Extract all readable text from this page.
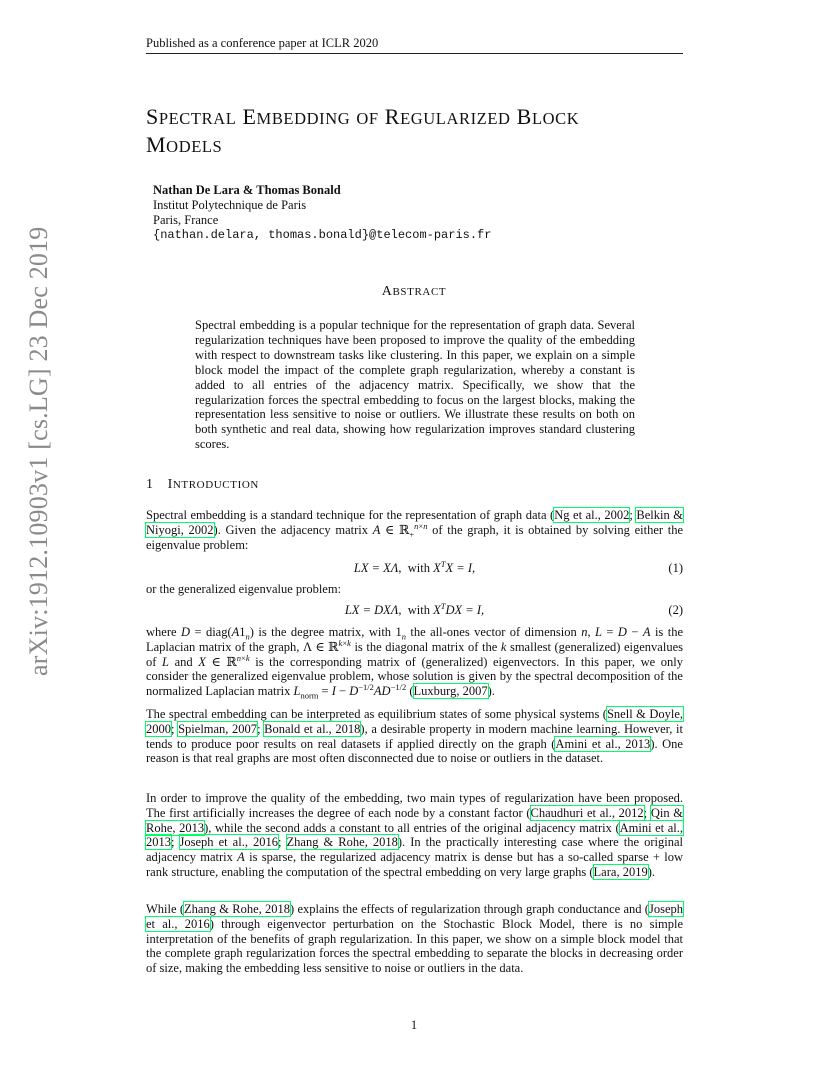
Published as a conference paper at ICLR 2020
arXiv:1912.10903v1 [cs.LG] 23 Dec 2019
SPECTRAL EMBEDDING OF REGULARIZED BLOCK
MODELS
Nathan De Lara & Thomas Bonald
Institut Polytechnique de Paris
Paris, France
{nathan.delara, thomas.bonald}@telecom-paris.fr
ABSTRACT
Spectral embedding is a popular technique for the representation of graph data. Several regularization techniques have been proposed to improve the quality of the embedding with respect to downstream tasks like clustering. In this paper, we explain on a simple block model the impact of the complete graph regularization, whereby a constant is added to all entries of the adjacency matrix. Specifically, we show that the regularization forces the spectral embedding to focus on the largest blocks, making the representation less sensitive to noise or outliers. We illustrate these results on both on both synthetic and real data, showing how regularization improves standard clustering scores.
1 INTRODUCTION
Spectral embedding is a standard technique for the representation of graph data (Ng et al., 2002; Belkin & Niyogi, 2002). Given the adjacency matrix A ∈ ℝ$_+^{n\times n}$ of the graph, it is obtained by solving either the eigenvalue problem:
LX = XΛ,  with $X^TX = I$,	(1)
or the generalized eigenvalue problem:
LX = DXΛ,  with $X^TDX = I$,	(2)
where $D = diag(A1_n)$ is the degree matrix, with $1_n$ the all-ones vector of dimension n, L = D − A is the Laplacian matrix of the graph, Λ ∈ ℝ$^{k\times k}$ is the diagonal matrix of the k smallest (generalized) eigenvalues of L and X ∈ ℝ$^{n\times k}$ is the corresponding matrix of (generalized) eigenvectors. In this paper, we only consider the generalized eigenvalue problem, whose solution is given by the spectral decomposition of the normalized Laplacian matrix $L_{norm} = I - D^{-1/2}AD^{-1/2}$ (Luxburg, 2007).
The spectral embedding can be interpreted as equilibrium states of some physical systems (Snell & Doyle, 2000; Spielman, 2007; Bonald et al., 2018), a desirable property in modern machine learning. However, it tends to produce poor results on real datasets if applied directly on the graph (Amini et al., 2013). One reason is that real graphs are most often disconnected due to noise or outliers in the dataset.
In order to improve the quality of the embedding, two main types of regularization have been proposed. The first artificially increases the degree of each node by a constant factor (Chaudhuri et al., 2012; Qin & Rohe, 2013), while the second adds a constant to all entries of the original adjacency matrix (Amini et al., 2013; Joseph et al., 2016; Zhang & Rohe, 2018). In the practically interesting case where the original adjacency matrix A is sparse, the regularized adjacency matrix is dense but has a so-called sparse + low rank structure, enabling the computation of the spectral embedding on very large graphs (Lara, 2019).
While (Zhang & Rohe, 2018) explains the effects of regularization through graph conductance and (Joseph et al., 2016) through eigenvector perturbation on the Stochastic Block Model, there is no simple interpretation of the benefits of graph regularization. In this paper, we show on a simple block model that the complete graph regularization forces the spectral embedding to separate the blocks in decreasing order of size, making the embedding less sensitive to noise or outliers in the data.
1
